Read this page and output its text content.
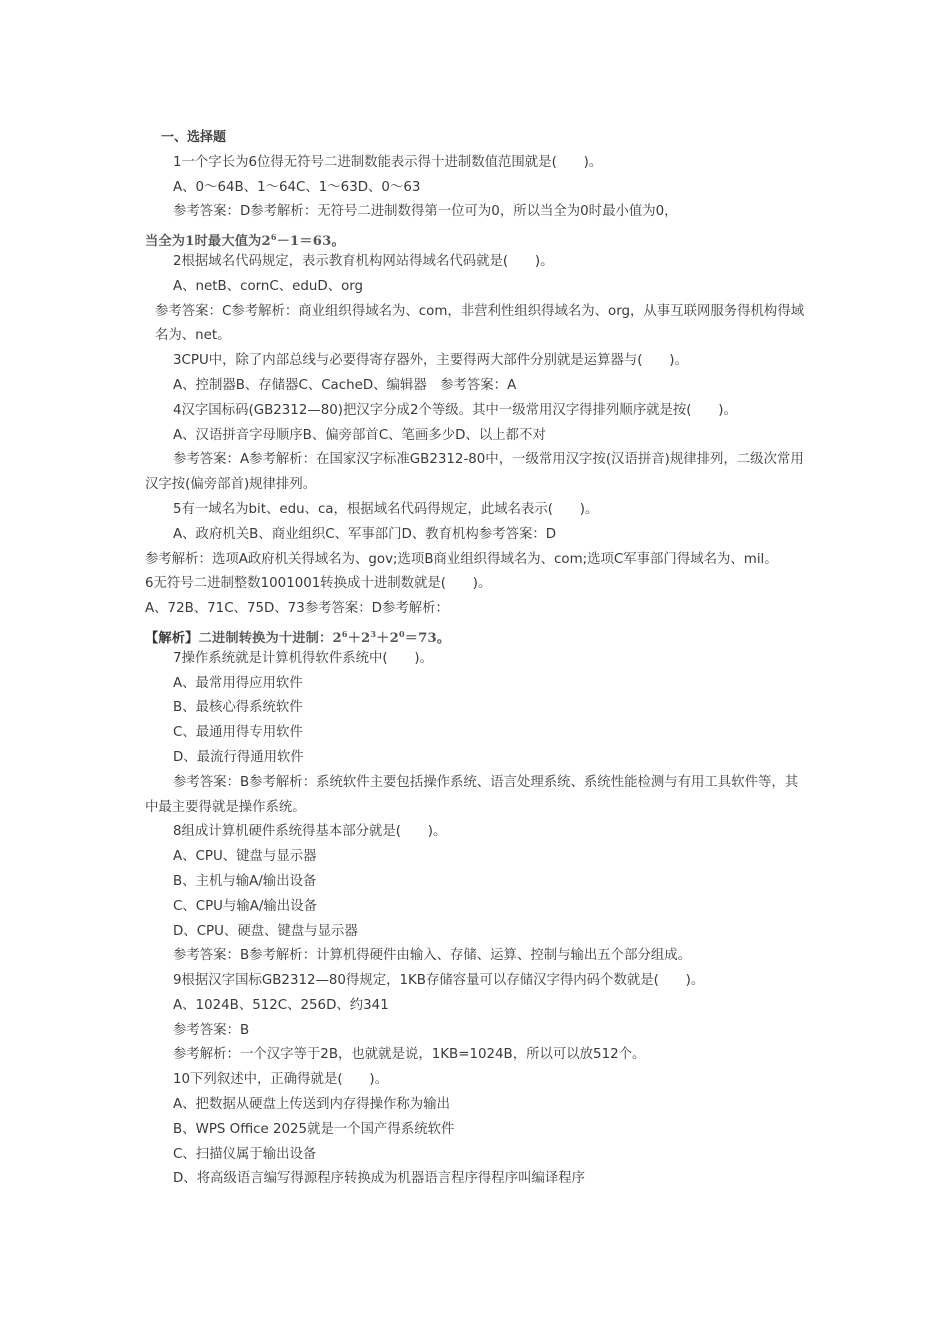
一、选择题
1一个字长为6位得无符号二进制数能表示得十进制数值范围就是(　　)。
A、0～64B、1～64C、1～63D、0～63
参考答案：D参考解析：无符号二进制数得第一位可为0，所以当全为0时最小值为0，
当全为1时最大值为$2^6-1=63$。
2根据域名代码规定，表示教育机构网站得域名代码就是(　　)。
A、netB、cornC、eduD、org
参考答案：C参考解析：商业组织得域名为、com，非营利性组织得域名为、org，从事互联网服务得机构得域名为、net。
3CPU中，除了内部总线与必要得寄存器外，主要得两大部件分别就是运算器与(　　)。
A、控制器B、存储器C、CacheD、编辑器　参考答案：A
4汉字国标码(GB2312—80)把汉字分成2个等级。其中一级常用汉字得排列顺序就是按(　　)。
A、汉语拼音字母顺序B、偏旁部首C、笔画多少D、以上都不对
参考答案：A参考解析：在国家汉字标准GB2312-80中，一级常用汉字按(汉语拼音)规律排列，二级次常用汉字按(偏旁部首)规律排列。
5有一域名为bit、edu、ca，根据域名代码得规定，此域名表示(　　)。
A、政府机关B、商业组织C、军事部门D、教育机构参考答案：D
参考解析：选项A政府机关得域名为、gov;选项B商业组织得域名为、com;选项C军事部门得域名为、mil。
6无符号二进制整数1001001转换成十进制数就是(　　)。
A、72B、71C、75D、73参考答案：D参考解析：
【解析】二进制转换为十进制：$2^6+2^3+2^0=73$。
7操作系统就是计算机得软件系统中(　　)。
A、最常用得应用软件
B、最核心得系统软件
C、最通用得专用软件
D、最流行得通用软件
参考答案：B参考解析：系统软件主要包括操作系统、语言处理系统、系统性能检测与有用工具软件等，其中最主要得就是操作系统。
8组成计算机硬件系统得基本部分就是(　　)。
A、CPU、键盘与显示器
B、主机与输A/输出设备
C、CPU与输A/输出设备
D、CPU、硬盘、键盘与显示器
参考答案：B参考解析：计算机得硬件由输入、存储、运算、控制与输出五个部分组成。
9根据汉字国标GB2312—80得规定，1KB存储容量可以存储汉字得内码个数就是(　　)。
A、1024B、512C、256D、约341
参考答案：B
参考解析：一个汉字等于2B，也就就是说，1KB=1024B，所以可以放512个。
10下列叙述中，正确得就是(　　)。
A、把数据从硬盘上传送到内存得操作称为输出
B、WPS Office 2025就是一个国产得系统软件
C、扫描仪属于输出设备
D、将高级语言编写得源程序转换成为机器语言程序得程序叫编译程序
